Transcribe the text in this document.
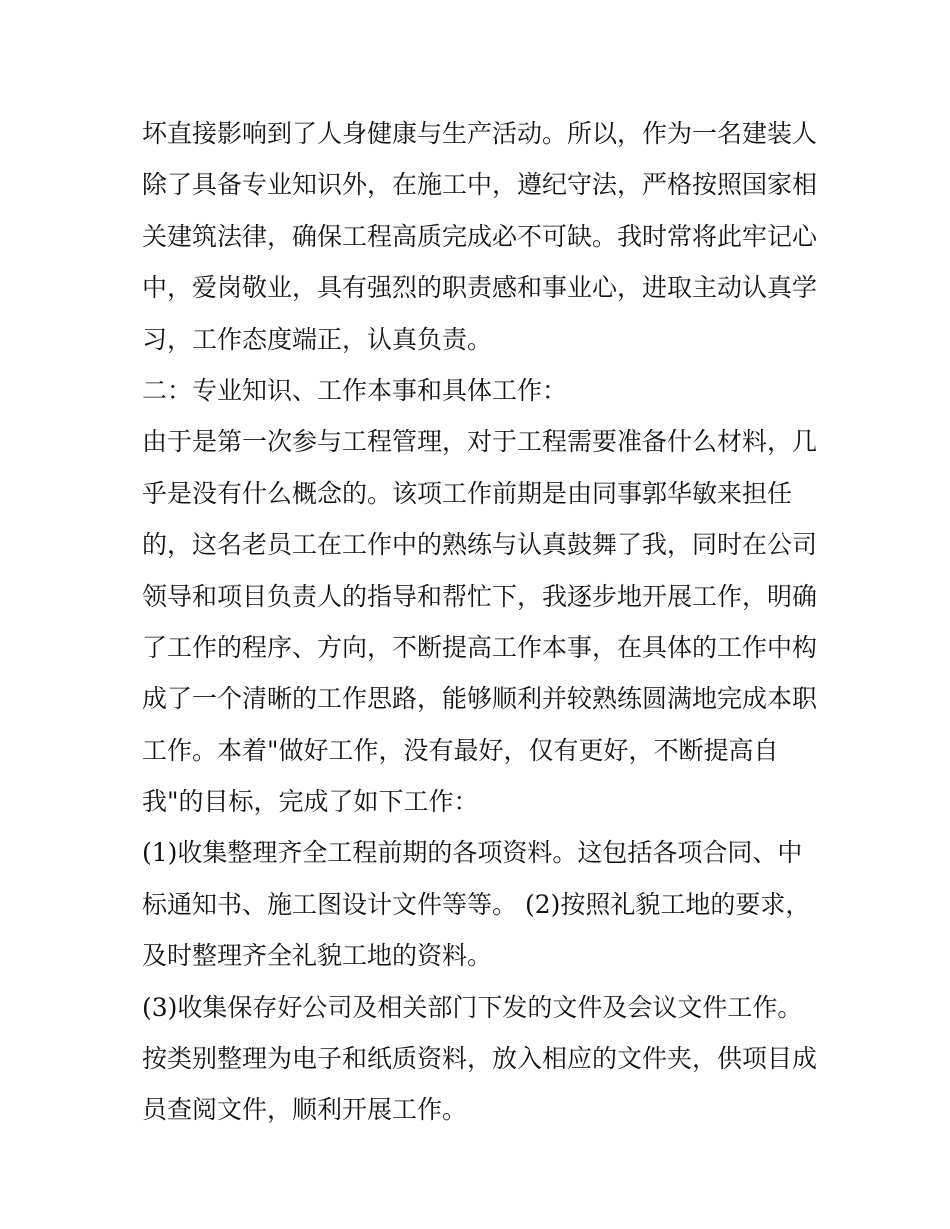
坏直接影响到了人身健康与生产活动。所以，作为一名建装人
除了具备专业知识外，在施工中，遵纪守法，严格按照国家相
关建筑法律，确保工程高质完成必不可缺。我时常将此牢记心
中，爱岗敬业，具有强烈的职责感和事业心，进取主动认真学
习，工作态度端正，认真负责。
二：专业知识、工作本事和具体工作：
由于是第一次参与工程管理，对于工程需要准备什么材料，几
乎是没有什么概念的。该项工作前期是由同事郭华敏来担任
的，这名老员工在工作中的熟练与认真鼓舞了我，同时在公司
领导和项目负责人的指导和帮忙下，我逐步地开展工作，明确
了工作的程序、方向，不断提高工作本事，在具体的工作中构
成了一个清晰的工作思路，能够顺利并较熟练圆满地完成本职
工作。本着"做好工作，没有最好，仅有更好，不断提高自
我"的目标，完成了如下工作：
(1)收集整理齐全工程前期的各项资料。这包括各项合同、中
标通知书、施工图设计文件等等。 (2)按照礼貌工地的要求，
及时整理齐全礼貌工地的资料。
(3)收集保存好公司及相关部门下发的文件及会议文件工作。
按类别整理为电子和纸质资料，放入相应的文件夹，供项目成
员查阅文件，顺利开展工作。
